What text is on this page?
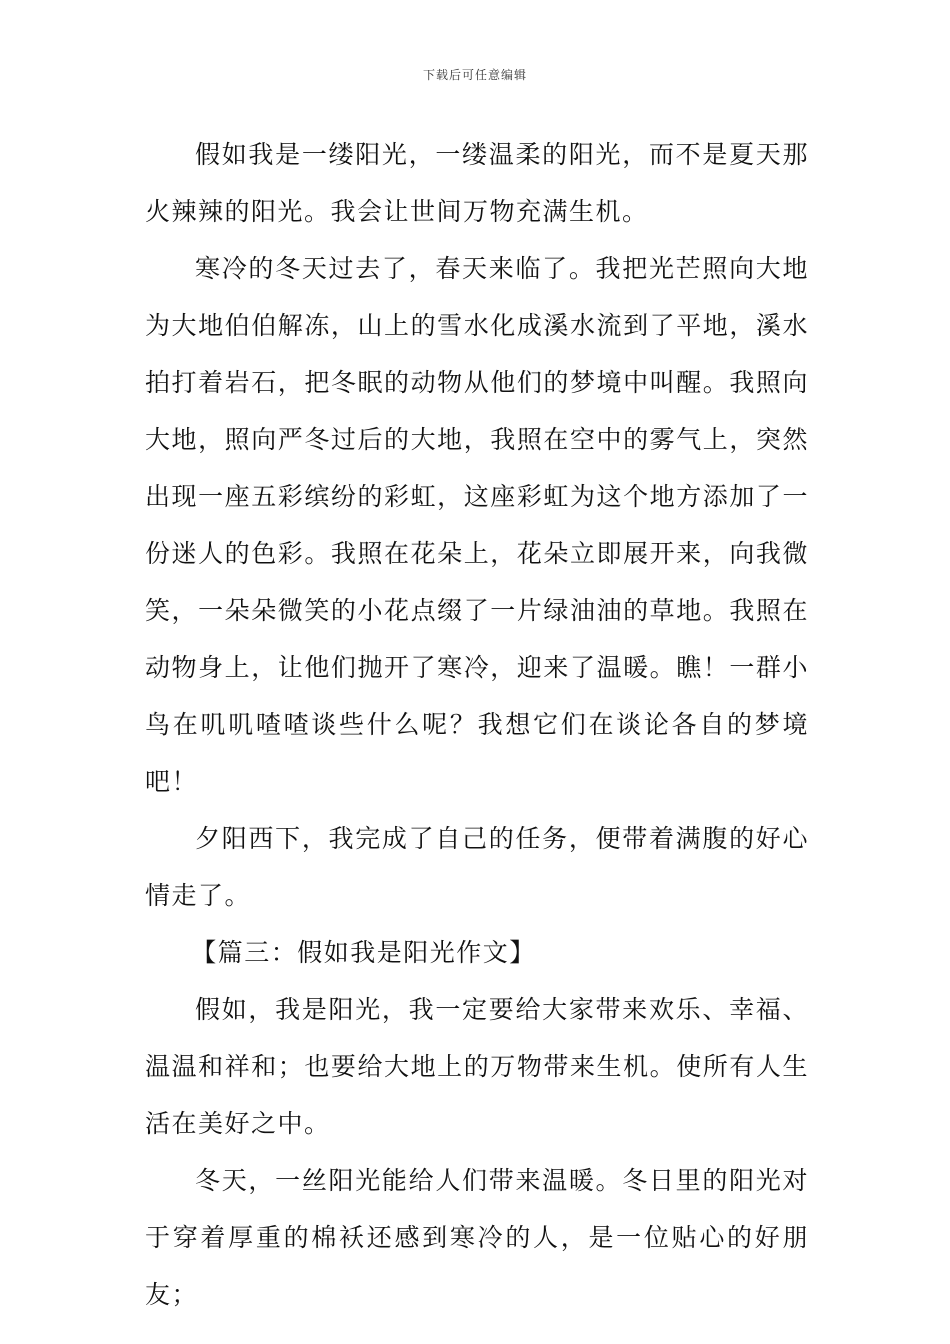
下载后可任意编辑

假如我是一缕阳光，一缕温柔的阳光，而不是夏天那火辣辣的阳光。我会让世间万物充满生机。

寒冷的冬天过去了，春天来临了。我把光芒照向大地为大地伯伯解冻，山上的雪水化成溪水流到了平地，溪水拍打着岩石，把冬眠的动物从他们的梦境中叫醒。我照向大地，照向严冬过后的大地，我照在空中的雾气上，突然出现一座五彩缤纷的彩虹，这座彩虹为这个地方添加了一份迷人的色彩。我照在花朵上，花朵立即展开来，向我微笑，一朵朵微笑的小花点缀了一片绿油油的草地。我照在动物身上，让他们抛开了寒冷，迎来了温暖。瞧！一群小鸟在叽叽喳喳谈些什么呢？我想它们在谈论各自的梦境吧！

夕阳西下，我完成了自己的任务，便带着满腹的好心情走了。

【篇三：假如我是阳光作文】

假如，我是阳光，我一定要给大家带来欢乐、幸福、温温和祥和；也要给大地上的万物带来生机。使所有人生活在美好之中。

冬天，一丝阳光能给人们带来温暖。冬日里的阳光对于穿着厚重的棉袄还感到寒冷的人，是一位贴心的好朋友；
